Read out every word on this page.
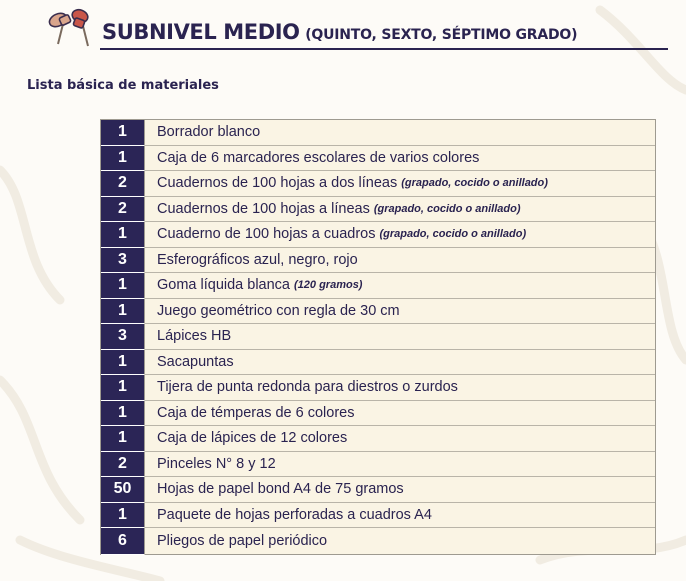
SUBNIVEL MEDIO (QUINTO, SEXTO, SÉPTIMO GRADO)
Lista básica de materiales
1	Borrador blanco
1	Caja de 6 marcadores escolares de varios colores
2	Cuadernos de 100 hojas a dos líneas (grapado, cocido o anillado)
2	Cuadernos de 100 hojas a líneas (grapado, cocido o anillado)
1	Cuaderno de 100 hojas a cuadros (grapado, cocido o anillado)
3	Esferográficos azul, negro, rojo
1	Goma líquida blanca (120 gramos)
1	Juego geométrico con regla de 30 cm
3	Lápices HB
1	Sacapuntas
1	Tijera de punta redonda para diestros o zurdos
1	Caja de témperas de 6 colores
1	Caja de lápices de 12 colores
2	Pinceles N° 8 y 12
50	Hojas de papel bond A4 de 75 gramos
1	Paquete de hojas perforadas a cuadros A4
6	Pliegos de papel periódico
